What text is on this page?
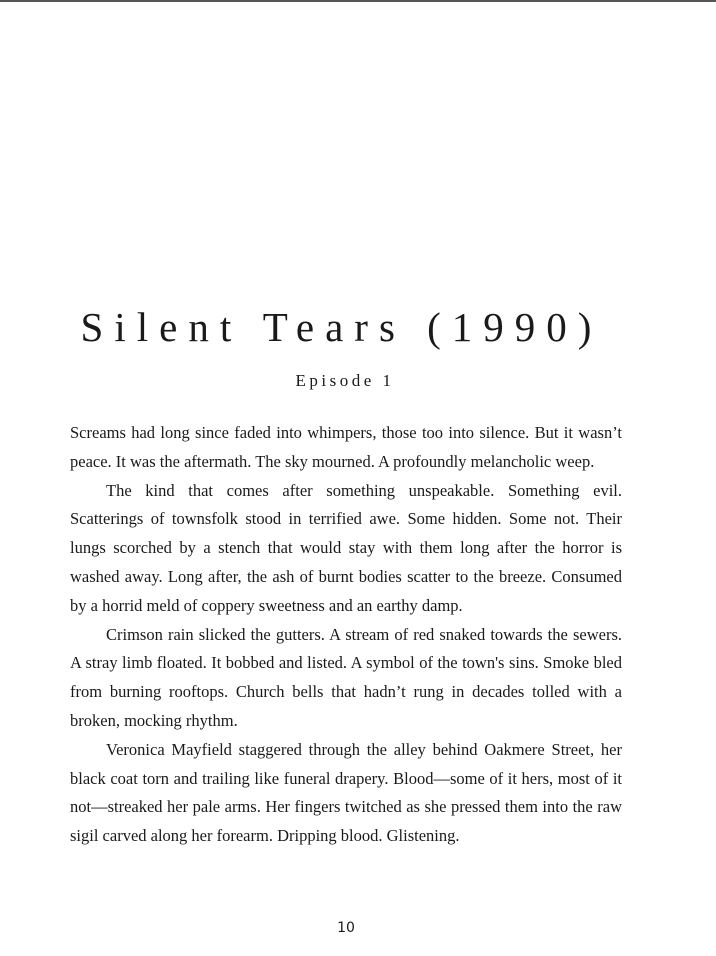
Silent Tears (1990)
Episode 1

Screams had long since faded into whimpers, those too into silence. But it wasn’t peace. It was the aftermath. The sky mourned. A profoundly melancholic weep.

The kind that comes after something unspeakable. Something evil. Scatterings of townsfolk stood in terrified awe. Some hidden. Some not. Their lungs scorched by a stench that would stay with them long after the horror is washed away. Long after, the ash of burnt bodies scatter to the breeze. Consumed by a horrid meld of coppery sweetness and an earthy damp.

Crimson rain slicked the gutters. A stream of red snaked towards the sewers. A stray limb floated. It bobbed and listed. A symbol of the town's sins. Smoke bled from burning rooftops. Church bells that hadn’t rung in decades tolled with a broken, mocking rhythm.

Veronica Mayfield staggered through the alley behind Oakmere Street, her black coat torn and trailing like funeral drapery. Blood—some of it hers, most of it not—streaked her pale arms. Her fingers twitched as she pressed them into the raw sigil carved along her forearm. Dripping blood. Glistening.

10
